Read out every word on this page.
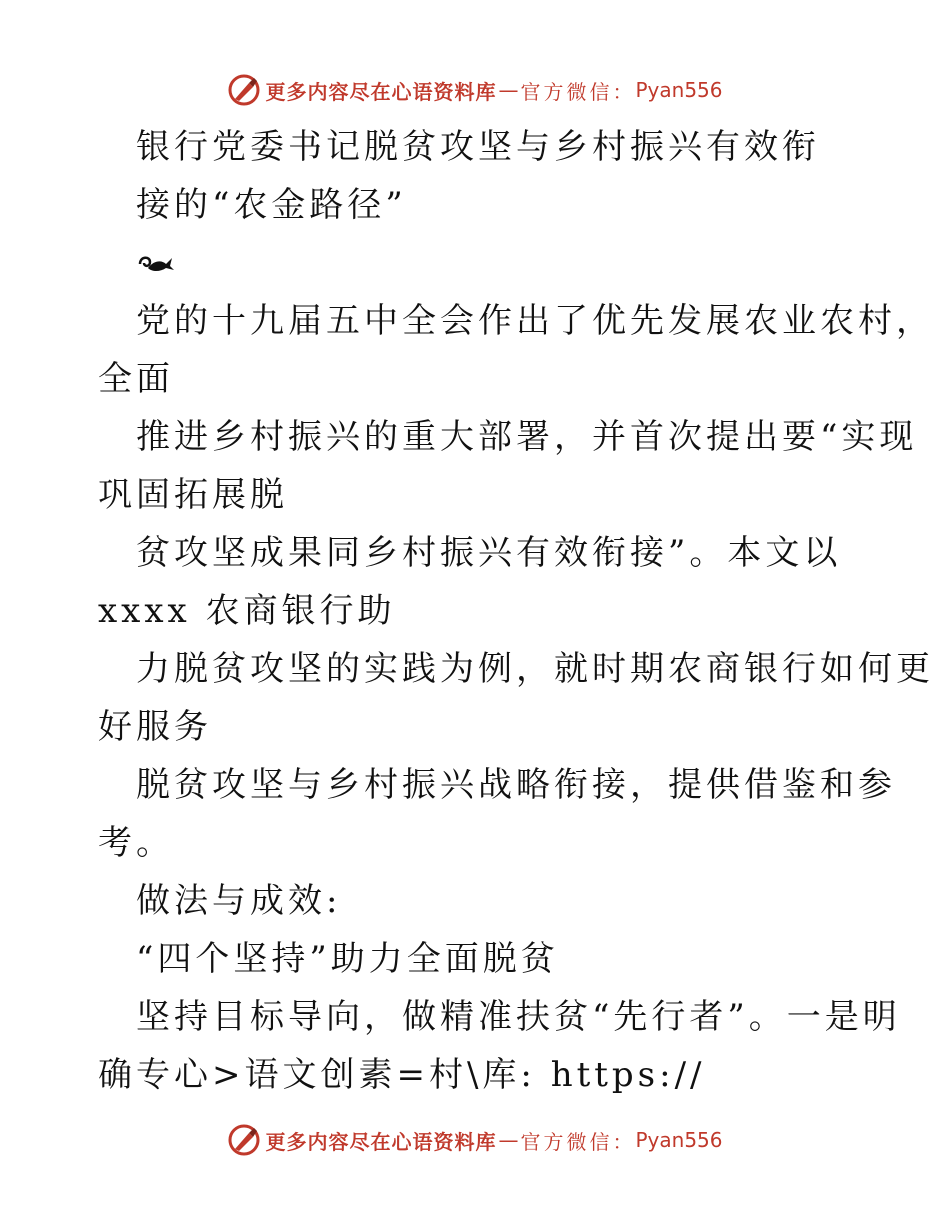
更多内容尽在心语资料库 — 官方微信： Pyan556
银行党委书记脱贫攻坚与乡村振兴有效衔
接的“农金路径”
党的十九届五中全会作出了优先发展农业农村，
全面
推进乡村振兴的重大部署，并首次提出要“实现
巩固拓展脱
贫攻坚成果同乡村振兴有效衔接”。本文以
xxxx 农商银行助
力脱贫攻坚的实践为例，就时期农商银行如何更
好服务
脱贫攻坚与乡村振兴战略衔接，提供借鉴和参
考。
做法与成效:
“四个坚持”助力全面脱贫
坚持目标导向，做精准扶贫“先行者”。一是明
确专心>语文创素=村\库: https://
更多内容尽在心语资料库 — 官方微信： Pyan556
